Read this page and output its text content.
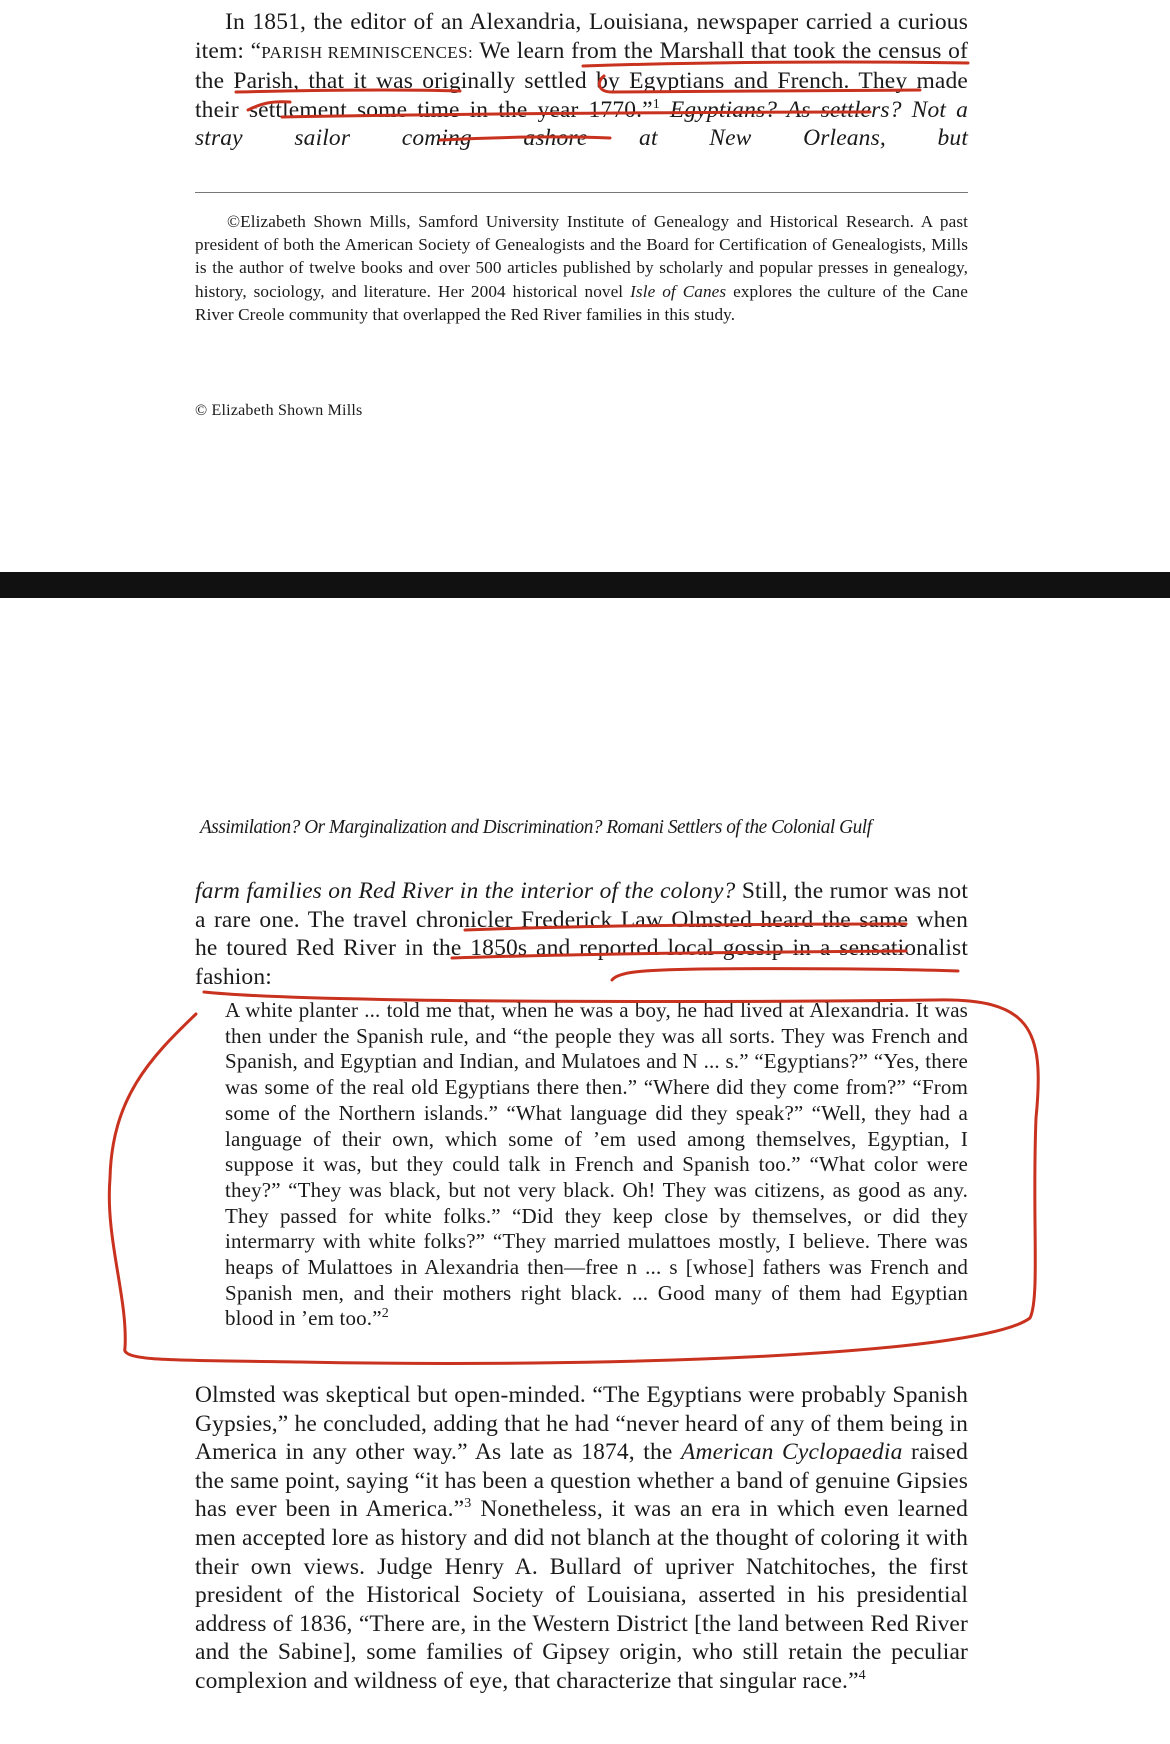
In 1851, the editor of an Alexandria, Louisiana, newspaper carried a curious item: “PARISH REMINISCENCES: We learn from the Marshall that took the census of the Parish, that it was originally settled by Egyptians and French. They made their settlement some time in the year 1770.”$^1$ Egyptians? As settlers? Not a stray sailor coming ashore at New Orleans, but
©Elizabeth Shown Mills, Samford University Institute of Genealogy and Historical Research. A past president of both the American Society of Genealogists and the Board for Certification of Genealogists, Mills is the author of twelve books and over 500 articles published by scholarly and popular presses in genealogy, history, sociology, and literature. Her 2004 historical novel Isle of Canes explores the culture of the Cane River Creole community that overlapped the Red River families in this study.
© Elizabeth Shown Mills
Assimilation? Or Marginalization and Discrimination? Romani Settlers of the Colonial Gulf
farm families on Red River in the interior of the colony? Still, the rumor was not a rare one. The travel chronicler Frederick Law Olmsted heard the same when he toured Red River in the 1850s and reported local gossip in a sensationalist fashion:
A white planter ... told me that, when he was a boy, he had lived at Alexandria. It was then under the Spanish rule, and “the people they was all sorts. They was French and Spanish, and Egyptian and Indian, and Mulatoes and N ... s.” “Egyptians?” “Yes, there was some of the real old Egyptians there then.” “Where did they come from?” “From some of the Northern islands.” “What language did they speak?” “Well, they had a language of their own, which some of ’em used among themselves, Egyptian, I suppose it was, but they could talk in French and Spanish too.” “What color were they?” “They was black, but not very black. Oh! They was citizens, as good as any. They passed for white folks.” “Did they keep close by themselves, or did they intermarry with white folks?” “They married mulattoes mostly, I believe. There was heaps of Mulattoes in Alexandria then—free n ... s [whose] fathers was French and Spanish men, and their mothers right black. ... Good many of them had Egyptian blood in ’em too.”$^2$
Olmsted was skeptical but open-minded. “The Egyptians were probably Spanish Gypsies,” he concluded, adding that he had “never heard of any of them being in America in any other way.” As late as 1874, the American Cyclopaedia raised the same point, saying “it has been a question whether a band of genuine Gipsies has ever been in America.”$^3$ Nonetheless, it was an era in which even learned men accepted lore as history and did not blanch at the thought of coloring it with their own views. Judge Henry A. Bullard of upriver Natchitoches, the first president of the Historical Society of Louisiana, asserted in his presidential address of 1836, “There are, in the Western District [the land between Red River and the Sabine], some families of Gipsey origin, who still retain the peculiar complexion and wildness of eye, that characterize that singular race.”$^4$
